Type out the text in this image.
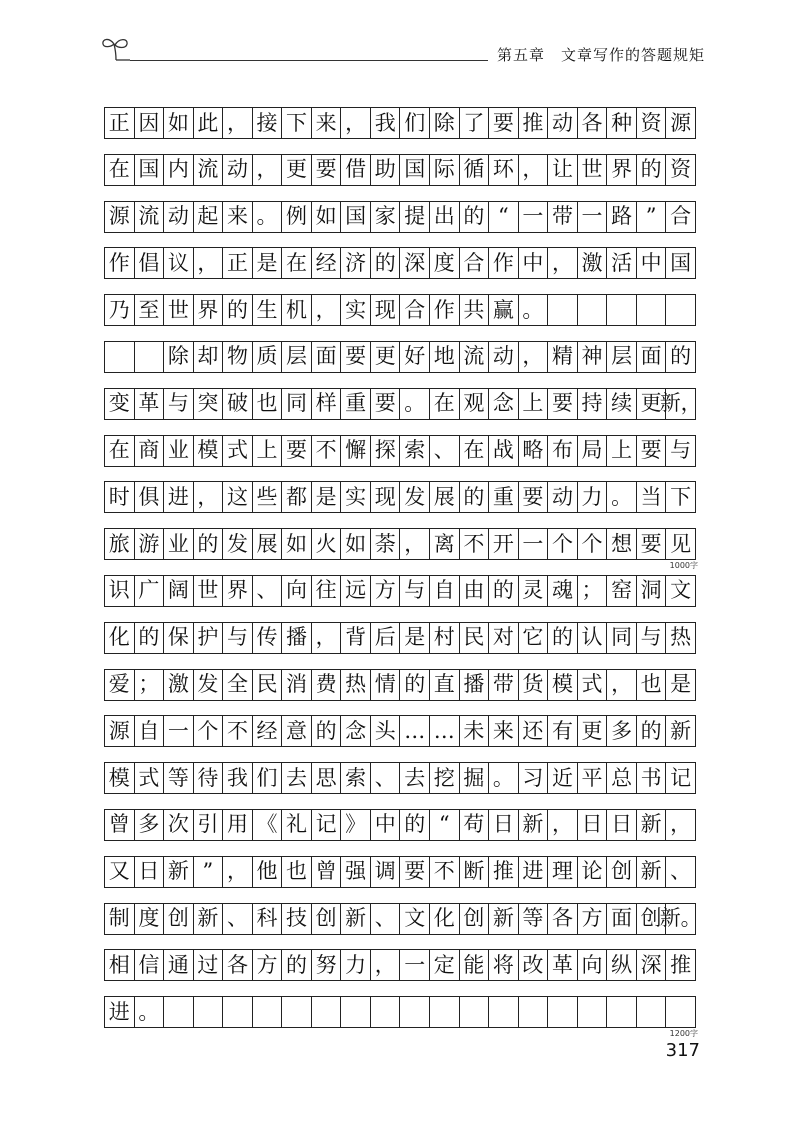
第五章　文章写作的答题规矩
正 因 如 此 ， 接 下 来 ， 我 们 除 了 要 推 动 各 种 资 源
在 国 内 流 动 ， 更 要 借 助 国 际 循 环 ， 让 世 界 的 资
源 流 动 起 来 。 例 如 国 家 提 出 的 “ 一 带 一 路 ” 合
作 倡 议 ， 正 是 在 经 济 的 深 度 合 作 中 ， 激 活 中 国
乃 至 世 界 的 生 机 ， 实 现 合 作 共 赢 。
除 却 物 质 层 面 要 更 好 地 流 动 ， 精 神 层 面 的
变 革 与 突 破 也 同 样 重 要 。 在 观 念 上 要 持 续 更
新，
在 商 业 模 式 上 要 不 懈 探 索 、 在 战 略 布 局 上 要 与
时 俱 进 ， 这 些 都 是 实 现 发 展 的 重 要 动 力 。 当 下
旅 游 业 的 发 展 如 火 如 荼 ， 离 不 开 一 个 个 想 要 见
1000字
识 广 阔 世 界 、 向 往 远 方 与 自 由 的 灵 魂 ； 窑 洞 文
化 的 保 护 与 传 播 ， 背 后 是 村 民 对 它 的 认 同 与 热
爱 ； 激 发 全 民 消 费 热 情 的 直 播 带 货 模 式 ， 也 是
源 自 一 个 不 经 意 的 念 头 … … 未 来 还 有 更 多 的 新
模 式 等 待 我 们 去 思 索 、 去 挖 掘 。 习 近 平 总 书 记
曾 多 次 引 用 《 礼 记 》 中 的 “ 苟 日 新 ， 日 日 新 ，
又 日 新 ” ， 他 也 曾 强 调 要 不 断 推 进 理 论 创 新 、
制 度 创 新 、 科 技 创 新 、 文 化 创 新 等 各 方 面 创
新。
相 信 通 过 各 方 的 努 力 ， 一 定 能 将 改 革 向 纵 深 推
进 。
1200字
317
